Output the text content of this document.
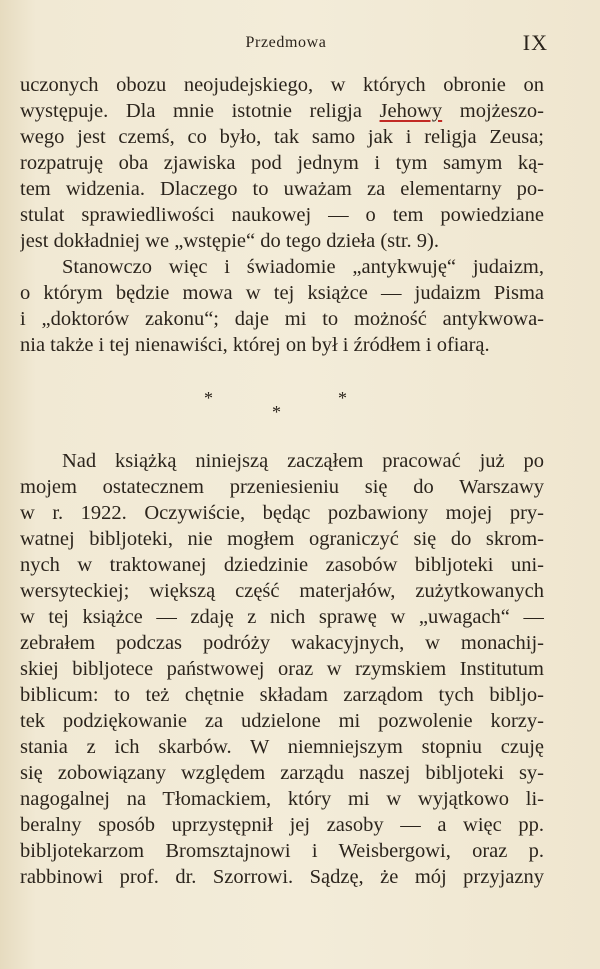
Przedmowa	IX
uczonych obozu neojudejskiego, w których obronie on
występuje. Dla mnie istotnie religja Jehowy mojżeszo-
wego jest czemś, co było, tak samo jak i religja Zeusa;
rozpatruję oba zjawiska pod jednym i tym samym ką-
tem widzenia. Dlaczego to uważam za elementarny po-
stulat sprawiedliwości naukowej — o tem powiedziane
jest dokładniej we „wstępie“ do tego dzieła (str. 9).
Stanowczo więc i świadomie „antykwuję“ judaizm,
o którym będzie mowa w tej książce — judaizm Pisma
i „doktorów zakonu“; daje mi to możność antykwowa-
nia także i tej nienawiści, której on był i źródłem i ofiarą.
*	*
*
Nad książką niniejszą zacząłem pracować już po
mojem ostatecznem przeniesieniu się do Warszawy
w r. 1922. Oczywiście, będąc pozbawiony mojej pry-
watnej bibljoteki, nie mogłem ograniczyć się do skrom-
nych w traktowanej dziedzinie zasobów bibljoteki uni-
wersyteckiej; większą część materjałów, zużytkowanych
w tej książce — zdaję z nich sprawę w „uwagach“ —
zebrałem podczas podróży wakacyjnych, w monachij-
skiej bibljotece państwowej oraz w rzymskiem Institutum
biblicum: to też chętnie składam zarządom tych bibljo-
tek podziękowanie za udzielone mi pozwolenie korzy-
stania z ich skarbów. W niemniejszym stopniu czuję
się zobowiązany względem zarządu naszej bibljoteki sy-
nagogalnej na Tłomackiem, który mi w wyjątkowo li-
beralny sposób uprzystępnił jej zasoby — a więc pp.
bibljotekarzom Bromsztajnowi i Weisbergowi, oraz p.
rabbinowi prof. dr. Szorrowi. Sądzę, że mój przyjazny
